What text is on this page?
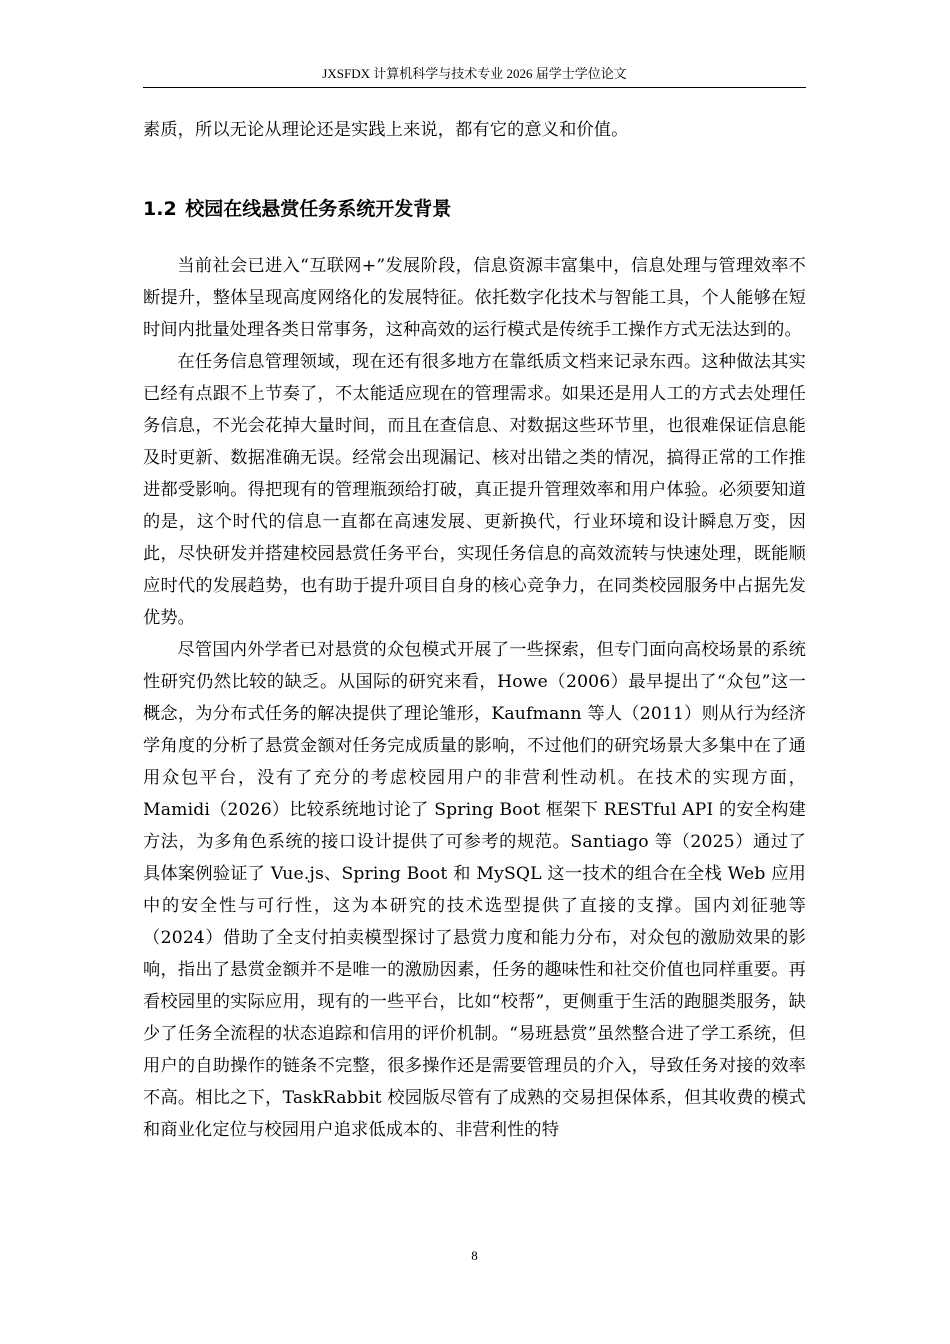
JXSFDX 计算机科学与技术专业 2026 届学士学位论文

素质，所以无论从理论还是实践上来说，都有它的意义和价值。

1.2 校园在线悬赏任务系统开发背景

当前社会已进入“互联网+”发展阶段，信息资源丰富集中，信息处理与管理效率不断提升，整体呈现高度网络化的发展特征。依托数字化技术与智能工具，个人能够在短时间内批量处理各类日常事务，这种高效的运行模式是传统手工操作方式无法达到的。

在任务信息管理领域，现在还有很多地方在靠纸质文档来记录东西。这种做法其实已经有点跟不上节奏了，不太能适应现在的管理需求。如果还是用人工的方式去处理任务信息，不光会花掉大量时间，而且在查信息、对数据这些环节里，也很难保证信息能及时更新、数据准确无误。经常会出现漏记、核对出错之类的情况，搞得正常的工作推进都受影响。得把现有的管理瓶颈给打破，真正提升管理效率和用户体验。必须要知道的是，这个时代的信息一直都在高速发展、更新换代，行业环境和设计瞬息万变，因此，尽快研发并搭建校园悬赏任务平台，实现任务信息的高效流转与快速处理，既能顺应时代的发展趋势，也有助于提升项目自身的核心竞争力，在同类校园服务中占据先发优势。

尽管国内外学者已对悬赏的众包模式开展了一些探索，但专门面向高校场景的系统性研究仍然比较的缺乏。从国际的研究来看，Howe（2006）最早提出了“众包”这一概念，为分布式任务的解决提供了理论雏形，Kaufmann 等人（2011）则从行为经济学角度的分析了悬赏金额对任务完成质量的影响，不过他们的研究场景大多集中在了通用众包平台，没有了充分的考虑校园用户的非营利性动机。在技术的实现方面，Mamidi（2026）比较系统地讨论了 Spring Boot 框架下 RESTful API 的安全构建方法，为多角色系统的接口设计提供了可参考的规范。Santiago 等（2025）通过了具体案例验证了 Vue.js、Spring Boot 和 MySQL 这一技术的组合在全栈 Web 应用中的安全性与可行性，这为本研究的技术选型提供了直接的支撑。国内刘征驰等（2024）借助了全支付拍卖模型探讨了悬赏力度和能力分布，对众包的激励效果的影响，指出了悬赏金额并不是唯一的激励因素，任务的趣味性和社交价值也同样重要。再看校园里的实际应用，现有的一些平台，比如“校帮”，更侧重于生活的跑腿类服务，缺少了任务全流程的状态追踪和信用的评价机制。“易班悬赏”虽然整合进了学工系统，但用户的自助操作的链条不完整，很多操作还是需要管理员的介入，导致任务对接的效率不高。相比之下，TaskRabbit 校园版尽管有了成熟的交易担保体系，但其收费的模式和商业化定位与校园用户追求低成本的、非营利性的特

8
